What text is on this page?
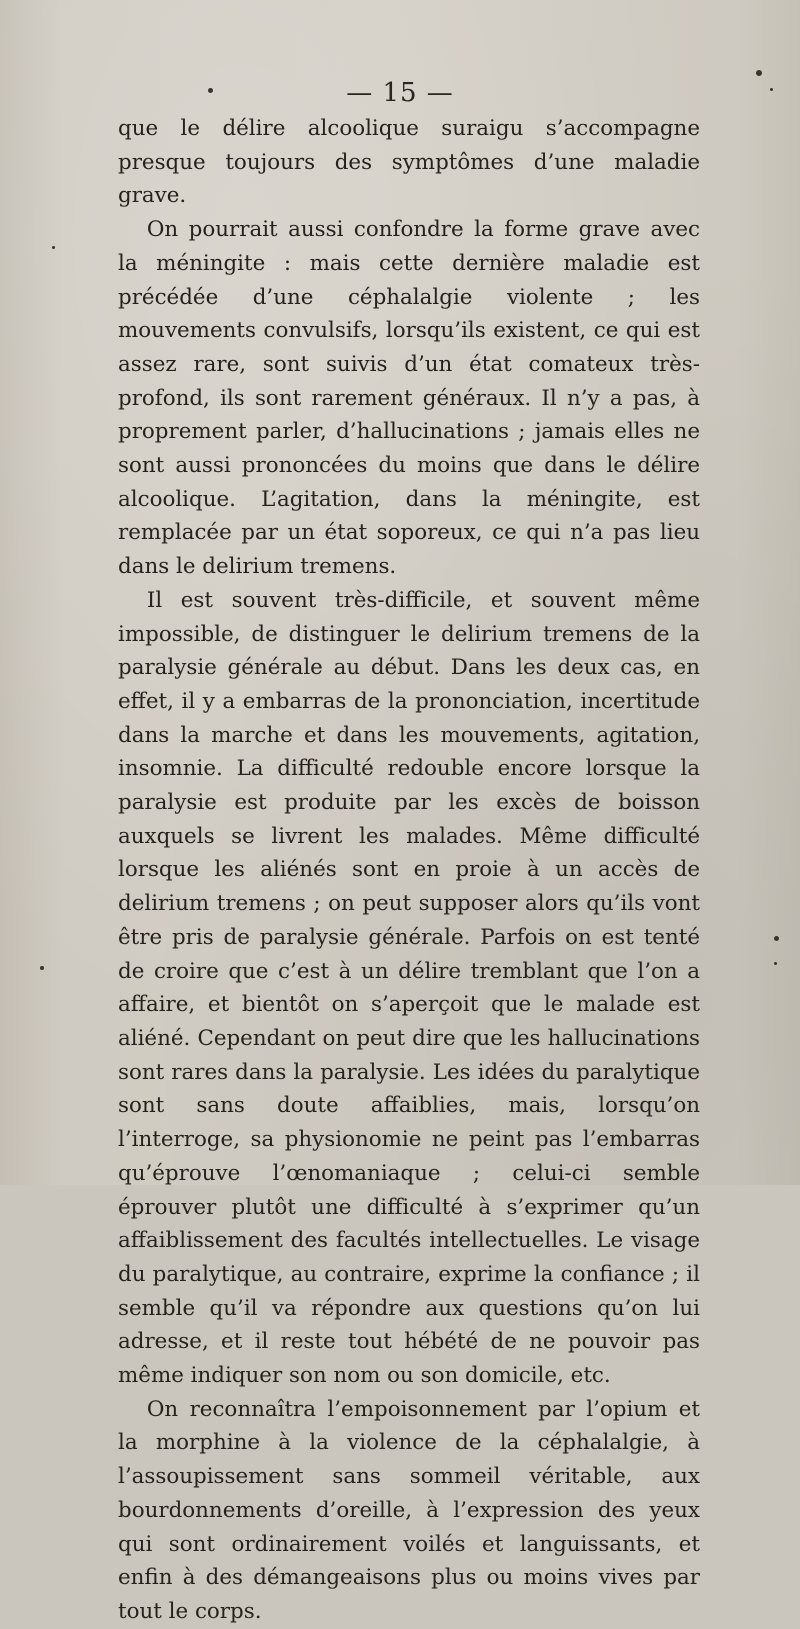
— 15 —

que le délire alcoolique suraigu s’accompagne presque toujours des symptômes d’une maladie grave.

On pourrait aussi confondre la forme grave avec la méningite : mais cette dernière maladie est précédée d’une céphalalgie violente ; les mouvements convulsifs, lorsqu’ils existent, ce qui est assez rare, sont suivis d’un état comateux très-profond, ils sont rarement généraux. Il n’y a pas, à proprement parler, d’hallucinations ; jamais elles ne sont aussi prononcées du moins que dans le délire alcoolique. L’agitation, dans la méningite, est remplacée par un état soporeux, ce qui n’a pas lieu dans le delirium tremens.

Il est souvent très-difficile, et souvent même impossible, de distinguer le delirium tremens de la paralysie générale au début. Dans les deux cas, en effet, il y a embarras de la prononciation, incertitude dans la marche et dans les mouvements, agitation, insomnie. La difficulté redouble encore lorsque la paralysie est produite par les excès de boisson auxquels se livrent les malades. Même difficulté lorsque les aliénés sont en proie à un accès de delirium tremens ; on peut supposer alors qu’ils vont être pris de paralysie générale. Parfois on est tenté de croire que c’est à un délire tremblant que l’on a affaire, et bientôt on s’aperçoit que le malade est aliéné. Cependant on peut dire que les hallucinations sont rares dans la paralysie. Les idées du paralytique sont sans doute affaiblies, mais, lorsqu’on l’interroge, sa physionomie ne peint pas l’embarras qu’éprouve l’œnomaniaque ; celui-ci semble éprouver plutôt une difficulté à s’exprimer qu’un affaiblissement des facultés intellectuelles. Le visage du paralytique, au contraire, exprime la confiance ; il semble qu’il va répondre aux questions qu’on lui adresse, et il reste tout hébété de ne pouvoir pas même indiquer son nom ou son domicile, etc.

On reconnaîtra l’empoisonnement par l’opium et la morphine à la violence de la céphalalgie, à l’assoupissement sans sommeil véritable, aux bourdonnements d’oreille, à l’expression des yeux qui sont ordinairement voilés et languissants, et enfin à des démangeaisons plus ou moins vives par tout le corps.
